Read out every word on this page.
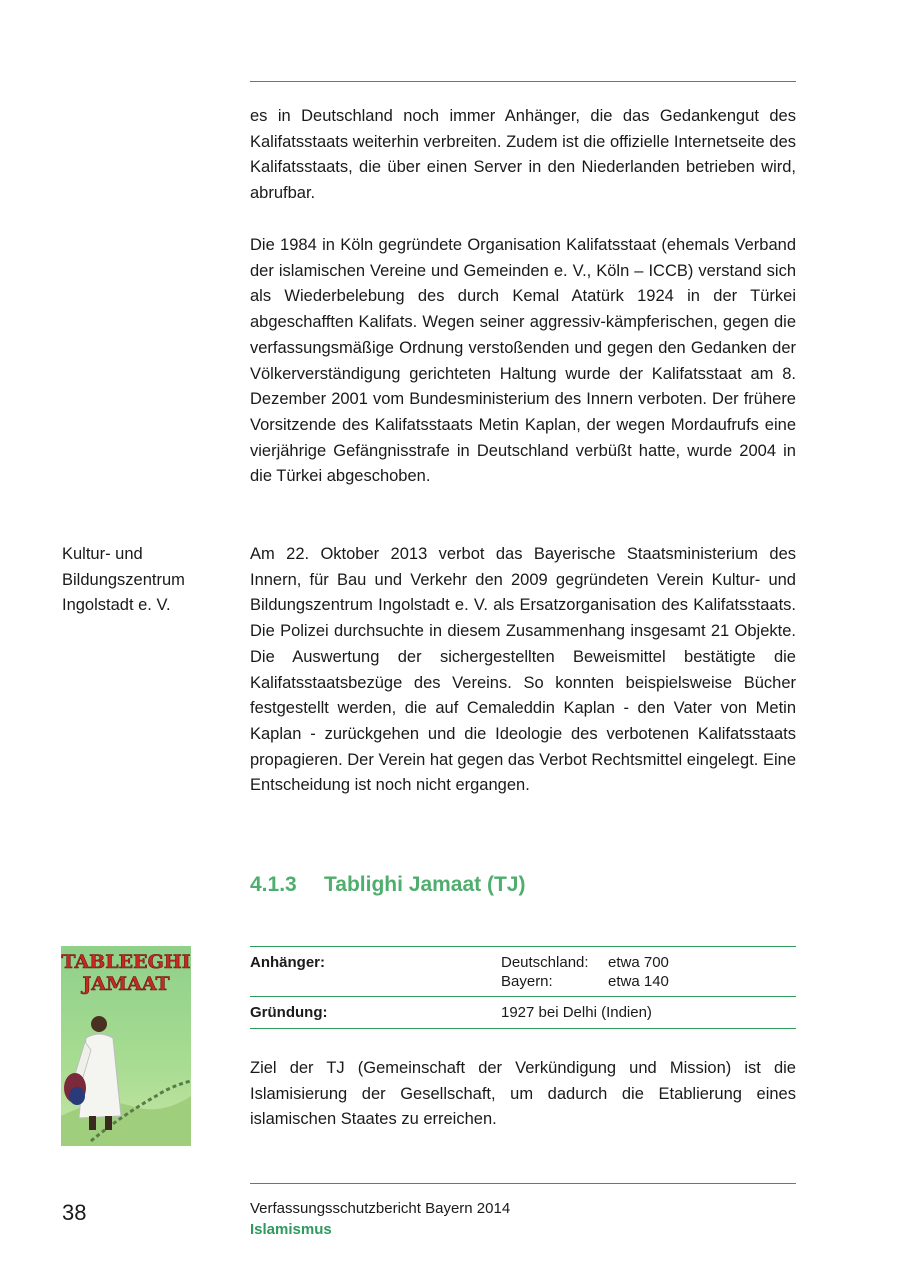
es in Deutschland noch immer Anhänger, die das Gedankengut des Kalifatsstaats weiterhin verbreiten. Zudem ist die offizielle Internetseite des Kalifatsstaats, die über einen Server in den Niederlanden betrieben wird, abrufbar.

Die 1984 in Köln gegründete Organisation Kalifatsstaat (ehemals Verband der islamischen Vereine und Gemeinden e. V., Köln – ICCB) verstand sich als Wiederbelebung des durch Kemal Atatürk 1924 in der Türkei abgeschafften Kalifats. Wegen seiner aggressiv-kämpferischen, gegen die verfassungsmäßige Ordnung verstoßenden und gegen den Gedanken der Völkerverständigung gerichteten Haltung wurde der Kalifatsstaat am 8. Dezember 2001 vom Bundesministerium des Innern verboten. Der frühere Vorsitzende des Kalifatsstaats Metin Kaplan, der wegen Mordaufrufs eine vierjährige Gefängnisstrafe in Deutschland verbüßt hatte, wurde 2004 in die Türkei abgeschoben.

Kultur- und Bildungszentrum Ingolstadt e. V.

Am 22. Oktober 2013 verbot das Bayerische Staatsministerium des Innern, für Bau und Verkehr den 2009 gegründeten Verein Kultur- und Bildungszentrum Ingolstadt e. V. als Ersatzorganisation des Kalifatsstaats. Die Polizei durchsuchte in diesem Zusammenhang insgesamt 21 Objekte. Die Auswertung der sichergestellten Beweismittel bestätigte die Kalifatsstaatsbezüge des Vereins. So konnten beispielsweise Bücher festgestellt werden, die auf Cemaleddin Kaplan - den Vater von Metin Kaplan - zurückgehen und die Ideologie des verbotenen Kalifatsstaats propagieren. Der Verein hat gegen das Verbot Rechtsmittel eingelegt. Eine Entscheidung ist noch nicht ergangen.

4.1.3 Tablighi Jamaat (TJ)
TABLEEGHI
JAMAAT
Anhänger:	Deutschland: etwa 700
Bayern:	etwa 140
Gründung:	1927 bei Delhi (Indien)

Ziel der TJ (Gemeinschaft der Verkündigung und Mission) ist die Islamisierung der Gesellschaft, um dadurch die Etablierung eines islamischen Staates zu erreichen.

38	Verfassungsschutzbericht Bayern 2014
Islamismus
